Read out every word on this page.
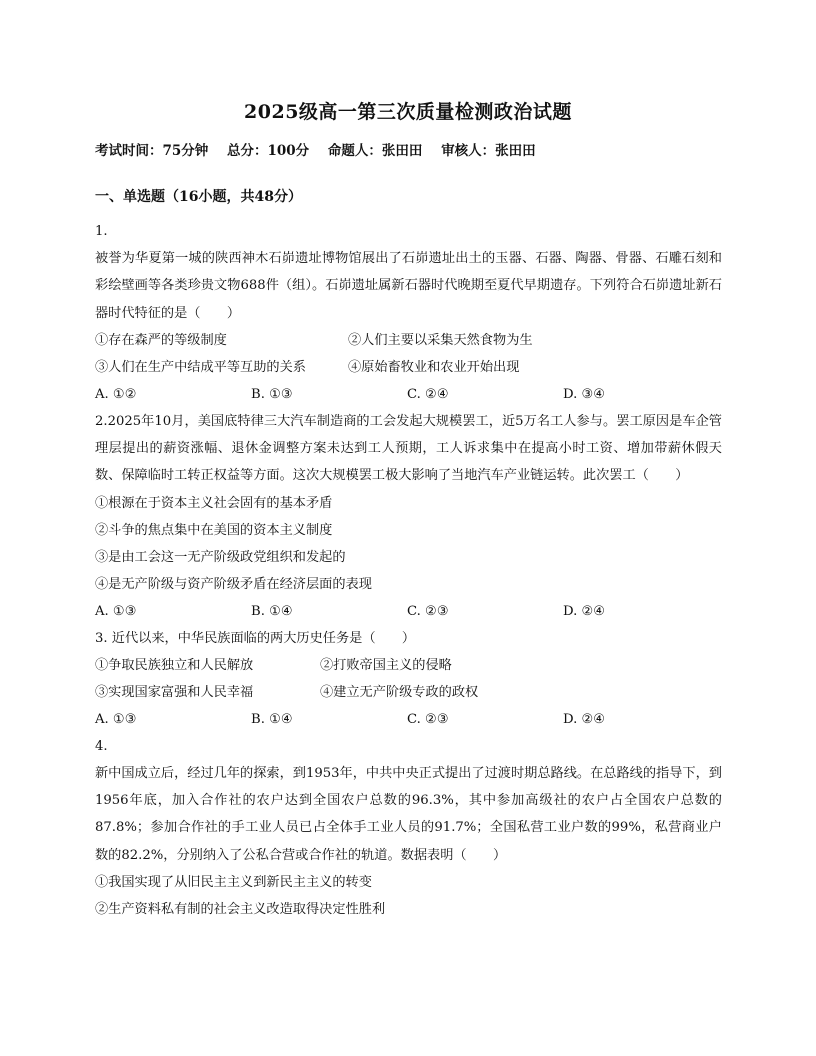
2025级高一第三次质量检测政治试题
考试时间：75分钟 总分：100分 命题人：张田田 审核人：张田田
一、单选题（16小题，共48分）
1.
被誉为华夏第一城的陕西神木石峁遗址博物馆展出了石峁遗址出土的玉器、石器、陶器、骨器、石雕石刻和彩绘壁画等各类珍贵文物688件（组）。石峁遗址属新石器时代晚期至夏代早期遗存。下列符合石峁遗址新石器时代特征的是（　　）
①存在森严的等级制度	②人们主要以采集天然食物为生
③人们在生产中结成平等互助的关系	④原始畜牧业和农业开始出现
A. ①②	B. ①③	C. ②④	D. ③④
2.2025年10月，美国底特律三大汽车制造商的工会发起大规模罢工，近5万名工人参与。罢工原因是车企管理层提出的薪资涨幅、退休金调整方案未达到工人预期，工人诉求集中在提高小时工资、增加带薪休假天数、保障临时工转正权益等方面。这次大规模罢工极大影响了当地汽车产业链运转。此次罢工（　　）
①根源在于资本主义社会固有的基本矛盾
②斗争的焦点集中在美国的资本主义制度
③是由工会这一无产阶级政党组织和发起的
④是无产阶级与资产阶级矛盾在经济层面的表现
A. ①③	B. ①④	C. ②③	D. ②④
3. 近代以来，中华民族面临的两大历史任务是（　　）
①争取民族独立和人民解放	②打败帝国主义的侵略
③实现国家富强和人民幸福	④建立无产阶级专政的政权
A. ①③	B. ①④	C. ②③	D. ②④
4.
新中国成立后，经过几年的探索，到1953年，中共中央正式提出了过渡时期总路线。在总路线的指导下，到1956年底，加入合作社的农户达到全国农户总数的96.3%，其中参加高级社的农户占全国农户总数的87.8%；参加合作社的手工业人员已占全体手工业人员的91.7%；全国私营工业户数的99%，私营商业户数的82.2%，分别纳入了公私合营或合作社的轨道。数据表明（　　）
①我国实现了从旧民主主义到新民主主义的转变
②生产资料私有制的社会主义改造取得决定性胜利
